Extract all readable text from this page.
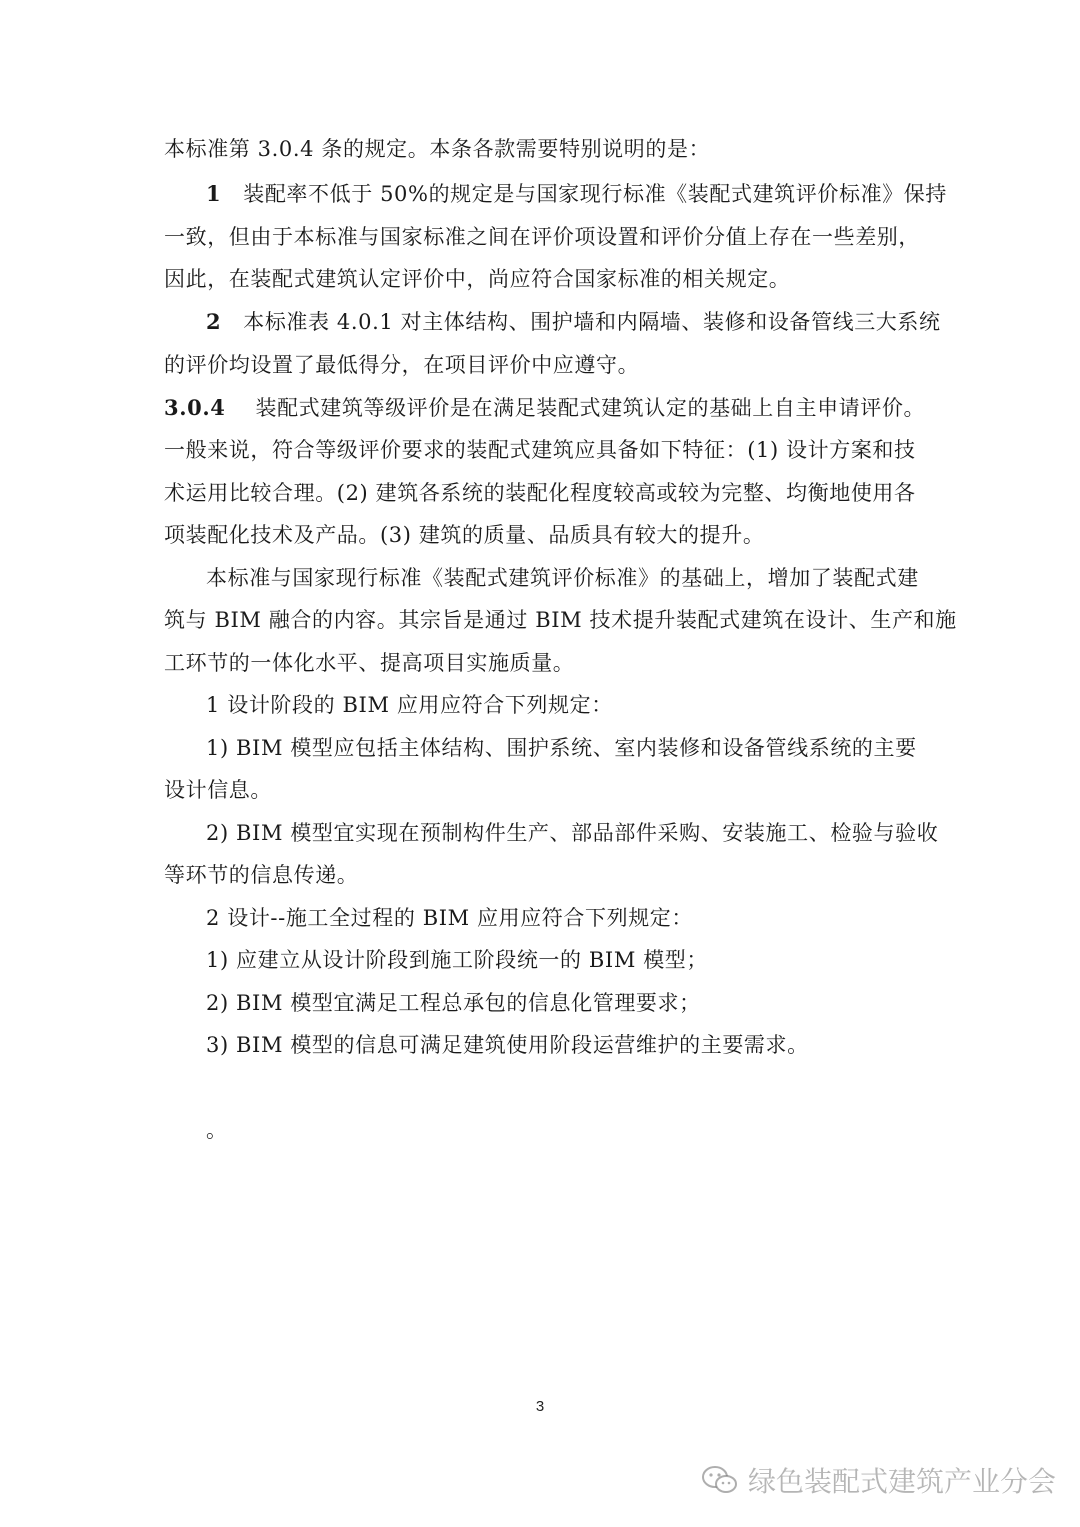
本标准第 3.0.4 条的规定。本条各款需要特别说明的是：
1 装配率不低于 50%的规定是与国家现行标准《装配式建筑评价标准》保持
一致，但由于本标准与国家标准之间在评价项设置和评价分值上存在一些差别，
因此，在装配式建筑认定评价中，尚应符合国家标准的相关规定。
2 本标准表 4.0.1 对主体结构、围护墙和内隔墙、装修和设备管线三大系统
的评价均设置了最低得分，在项目评价中应遵守。
3.0.4 装配式建筑等级评价是在满足装配式建筑认定的基础上自主申请评价。
一般来说，符合等级评价要求的装配式建筑应具备如下特征：(1) 设计方案和技
术运用比较合理。(2) 建筑各系统的装配化程度较高或较为完整、均衡地使用各
项装配化技术及产品。(3) 建筑的质量、品质具有较大的提升。
本标准与国家现行标准《装配式建筑评价标准》的基础上，增加了装配式建
筑与 BIM 融合的内容。其宗旨是通过 BIM 技术提升装配式建筑在设计、生产和施
工环节的一体化水平、提高项目实施质量。
1 设计阶段的 BIM 应用应符合下列规定：
1) BIM 模型应包括主体结构、围护系统、室内装修和设备管线系统的主要
设计信息。
2) BIM 模型宜实现在预制构件生产、部品部件采购、安装施工、检验与验收
等环节的信息传递。
2 设计--施工全过程的 BIM 应用应符合下列规定：
1) 应建立从设计阶段到施工阶段统一的 BIM 模型；
2) BIM 模型宜满足工程总承包的信息化管理要求；
3) BIM 模型的信息可满足建筑使用阶段运营维护的主要需求。
。
3
绿色装配式建筑产业分会
